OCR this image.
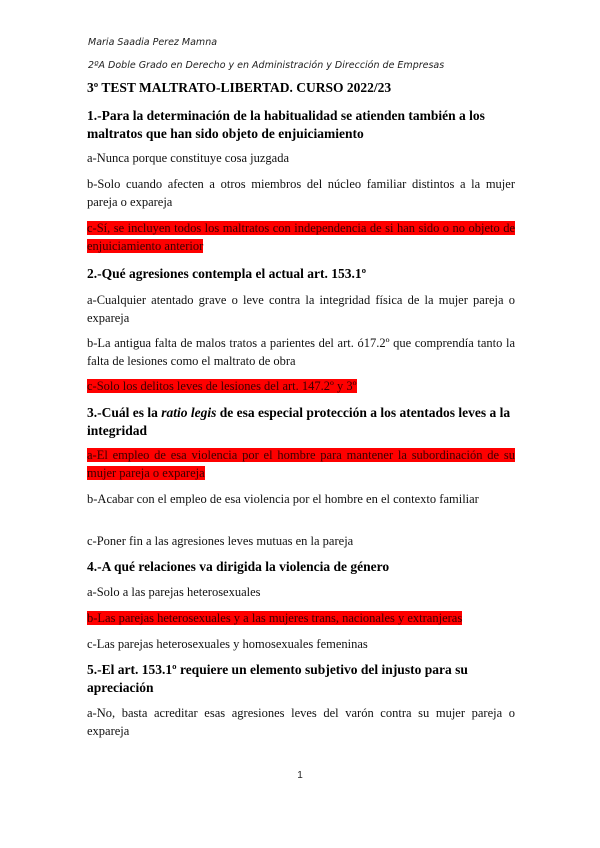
Maria Saadia Perez Mamna
2ºA Doble Grado en Derecho y en Administración y Dirección de Empresas
3º TEST MALTRATO-LIBERTAD. CURSO 2022/23
1.-Para la determinación de la habitualidad se atienden también a los maltratos que han sido objeto de enjuiciamiento
a-Nunca porque constituye cosa juzgada
b-Solo cuando afecten a otros miembros del núcleo familiar distintos a la mujer pareja o expareja
c-Sí, se incluyen todos los maltratos con independencia de si han sido o no objeto de enjuiciamiento anterior
2.-Qué agresiones contempla el actual art. 153.1º
a-Cualquier atentado grave o leve contra la integridad física de la mujer pareja o expareja
b-La antigua falta de malos tratos a parientes del art. ó17.2º que comprendía tanto la falta de lesiones como el maltrato de obra
c-Solo los delitos leves de lesiones del art. 147.2º y 3º
3.-Cuál es la ratio legis de esa especial protección a los atentados leves a la integridad
a-El empleo de esa violencia por el hombre para mantener la subordinación de su mujer pareja o expareja
b-Acabar con el empleo de esa violencia por el hombre en el contexto familiar
c-Poner fin a las agresiones leves mutuas en la pareja
4.-A qué relaciones va dirigida la violencia de género
a-Solo a las parejas heterosexuales
b-Las parejas heterosexuales y a las mujeres trans, nacionales y extranjeras
c-Las parejas heterosexuales y homosexuales femeninas
5.-El art. 153.1º requiere un elemento subjetivo del injusto para su apreciación
a-No, basta acreditar esas agresiones leves del varón contra su mujer pareja o expareja
1
